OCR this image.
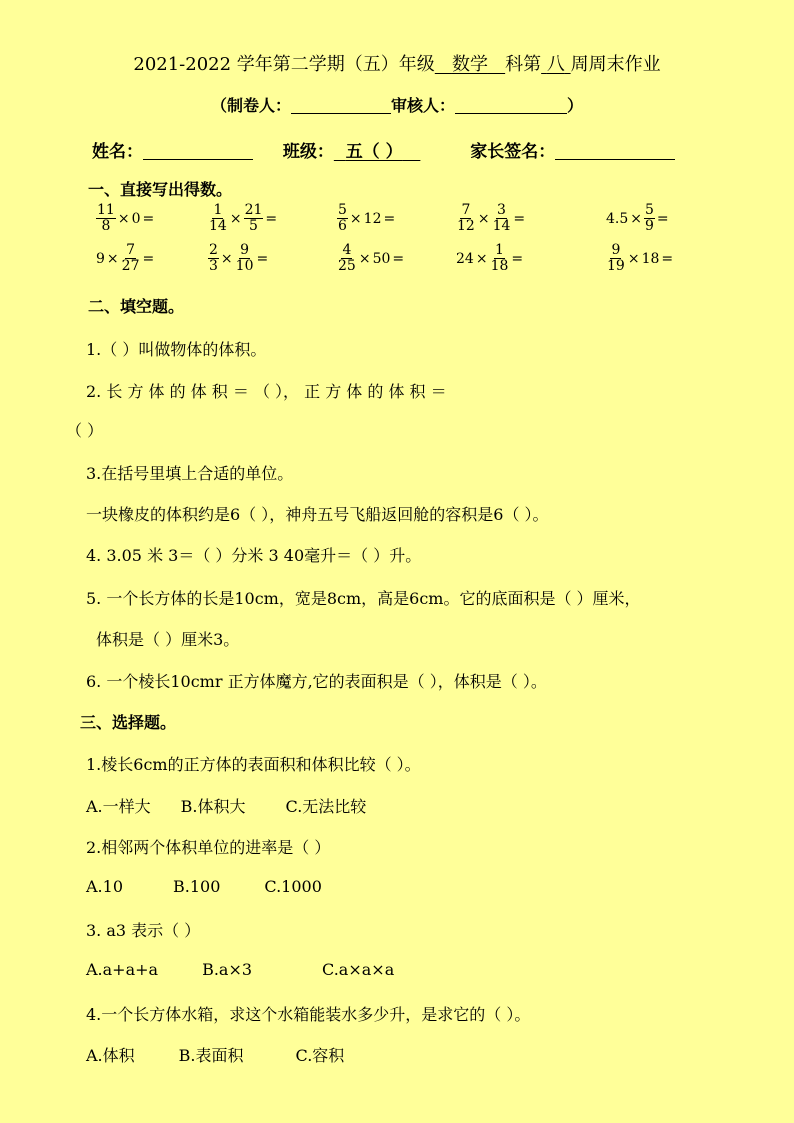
2021-2022 学年第二学期（五）年级 数学 科第 八 周周末作业
（制卷人：	审核人：	）
姓名：	班级： 五（ ）	家长签名：
一、直接写出得数。
$\frac{11}{8} \times 0$ =	$\frac{1}{14} \times \frac{21}{5}$ =	$\frac{5}{6} \times 12$ =	$\frac{7}{12} \times \frac{3}{14}$ =	$4.5 \times \frac{5}{9}$ =
$9 \times \frac{7}{27}$ =	$\frac{2}{3} \times \frac{9}{10}$ =	$\frac{4}{25} \times 50$ =	$24 \times \frac{1}{18}$ =	$\frac{9}{19} \times 18$ =
二、填空题。
1.（ ）叫做物体的体积。
2. 长 方 体 的 体 积 ＝ （ ）， 正 方 体 的 体 积 ＝
（ ）
3.在括号里填上合适的单位。
一块橡皮的体积约是6（ ），神舟五号飞船返回舱的容积是6（ ）。
4. 3.05 米 3＝（ ）分米 3 40毫升＝（ ）升。
5. 一个长方体的长是10cm，宽是8cm，高是6cm。它的底面积是（ ）厘米，
体积是（ ）厘米3。
6. 一个棱长10cmr 正方体魔方,它的表面积是（ ），体积是（ ）。
三、选择题。
1.棱长6cm的正方体的表面积和体积比较（ ）。
A.一样大 B.体积大	C.无法比较
2.相邻两个体积单位的进率是（ ）
A.10	B.100	C.1000
3. a3 表示（ ）
A.a+a+a	B.a×3	C.a×a×a
4.一个长方体水箱，求这个水箱能装水多少升，是求它的（ ）。
A.体积	B.表面积	C.容积
